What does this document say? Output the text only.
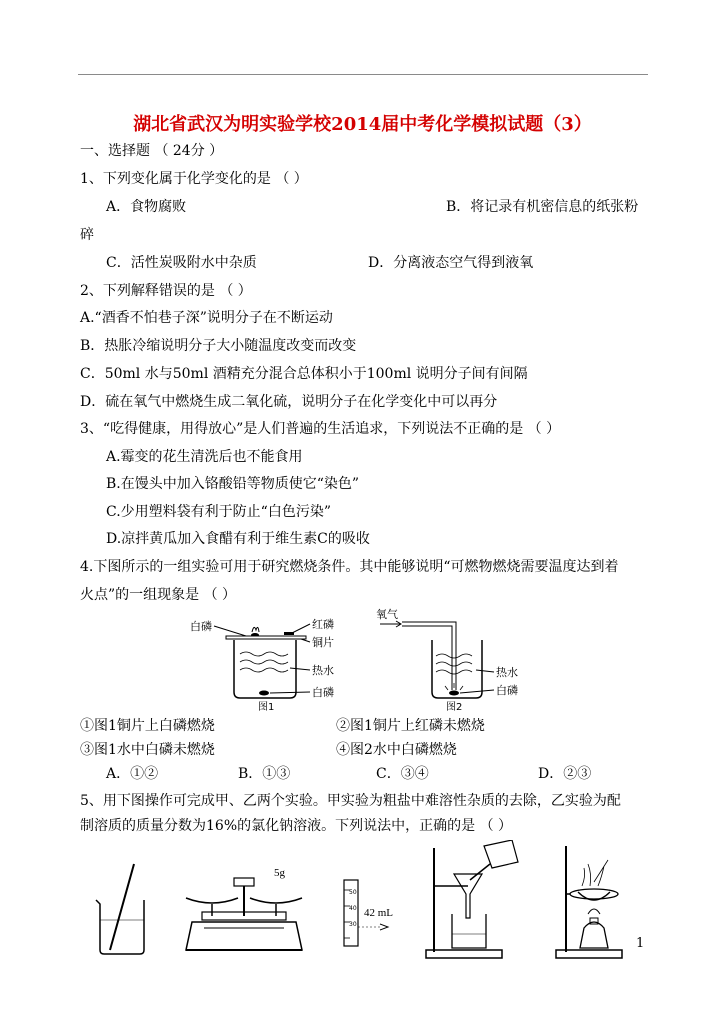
湖北省武汉为明实验学校2014届中考化学模拟试题（3）
一、选择题 （ 24分 ）
1、下列变化属于化学变化的是 （ ）
A．食物腐败	B．将记录有机密信息的纸张粉
碎
C．活性炭吸附水中杂质	D．分离液态空气得到液氧
2、下列解释错误的是 （ ）
A.“酒香不怕巷子深”说明分子在不断运动
B．热胀冷缩说明分子大小随温度改变而改变
C．50ml 水与50ml 酒精充分混合总体积小于100ml 说明分子间有间隔
D．硫在氧气中燃烧生成二氧化硫，说明分子在化学变化中可以再分
3、“吃得健康，用得放心”是人们普遍的生活追求，下列说法不正确的是 （ ）
A.霉变的花生清洗后也不能食用
B.在馒头中加入铬酸铅等物质使它“染色”
C.少用塑料袋有利于防止“白色污染”
D.凉拌黄瓜加入食醋有利于维生素C的吸收
4.下图所示的一组实验可用于研究燃烧条件。其中能够说明“可燃物燃烧需要温度达到着
火点”的一组现象是 （ ）
白磷	红磷
铜片
热水
白磷
图1
氧气
热水
白磷
图2
①图1铜片上白磷燃烧	②图1铜片上红磷未燃烧
③图1水中白磷未燃烧	④图2水中白磷燃烧
A．①②	B．①③	C．③④	D．②③
5、用下图操作可完成甲、乙两个实验。甲实验为粗盐中难溶性杂质的去除，乙实验为配
制溶质的质量分数为16%的氯化钠溶液。下列说法中，正确的是 （ ）
5g
50
40
30
42 mL
1
